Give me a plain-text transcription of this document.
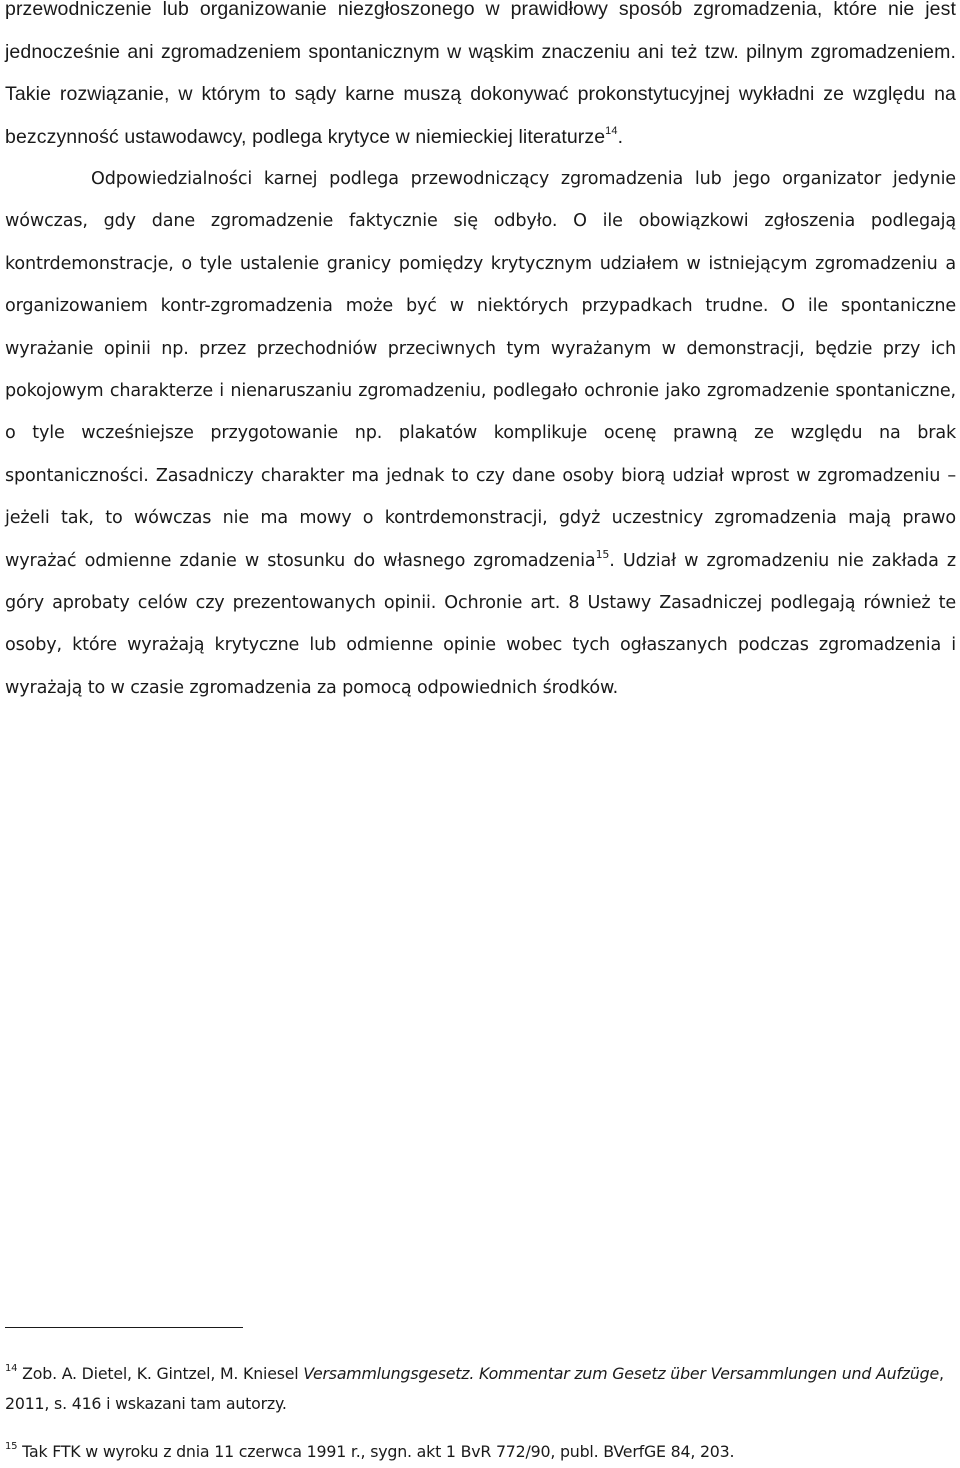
przewodniczenie lub organizowanie niezgłoszonego w prawidłowy sposób zgromadzenia, które nie jest jednocześnie ani zgromadzeniem spontanicznym w wąskim znaczeniu ani też tzw. pilnym zgromadzeniem. Takie rozwiązanie, w którym to sądy karne muszą dokonywać prokonstytucyjnej wykładni ze względu na bezczynność ustawodawcy, podlega krytyce w niemieckiej literaturze$^{14}$.

Odpowiedzialności karnej podlega przewodniczący zgromadzenia lub jego organizator jedynie wówczas, gdy dane zgromadzenie faktycznie się odbyło. O ile obowiązkowi zgłoszenia podlegają kontrdemonstracje, o tyle ustalenie granicy pomiędzy krytycznym udziałem w istniejącym zgromadzeniu a organizowaniem kontr-zgromadzenia może być w niektórych przypadkach trudne. O ile spontaniczne wyrażanie opinii np. przez przechodniów przeciwnych tym wyrażanym w demonstracji, będzie przy ich pokojowym charakterze i nienaruszaniu zgromadzeniu, podlegało ochronie jako zgromadzenie spontaniczne, o tyle wcześniejsze przygotowanie np. plakatów komplikuje ocenę prawną ze względu na brak spontaniczności. Zasadniczy charakter ma jednak to czy dane osoby biorą udział wprost w zgromadzeniu – jeżeli tak, to wówczas nie ma mowy o kontrdemonstracji, gdyż uczestnicy zgromadzenia mają prawo wyrażać odmienne zdanie w stosunku do własnego zgromadzenia$^{15}$. Udział w zgromadzeniu nie zakłada z góry aprobaty celów czy prezentowanych opinii. Ochronie art. 8 Ustawy Zasadniczej podlegają również te osoby, które wyrażają krytyczne lub odmienne opinie wobec tych ogłaszanych podczas zgromadzenia i wyrażają to w czasie zgromadzenia za pomocą odpowiednich środków.

$^{14}$ Zob. A. Dietel, K. Gintzel, M. Kniesel Versammlungsgesetz. Kommentar zum Gesetz über Versammlungen und Aufzüge, 2011, s. 416 i wskazani tam autorzy.

$^{15}$ Tak FTK w wyroku z dnia 11 czerwca 1991 r., sygn. akt 1 BvR 772/90, publ. BVerfGE 84, 203.
